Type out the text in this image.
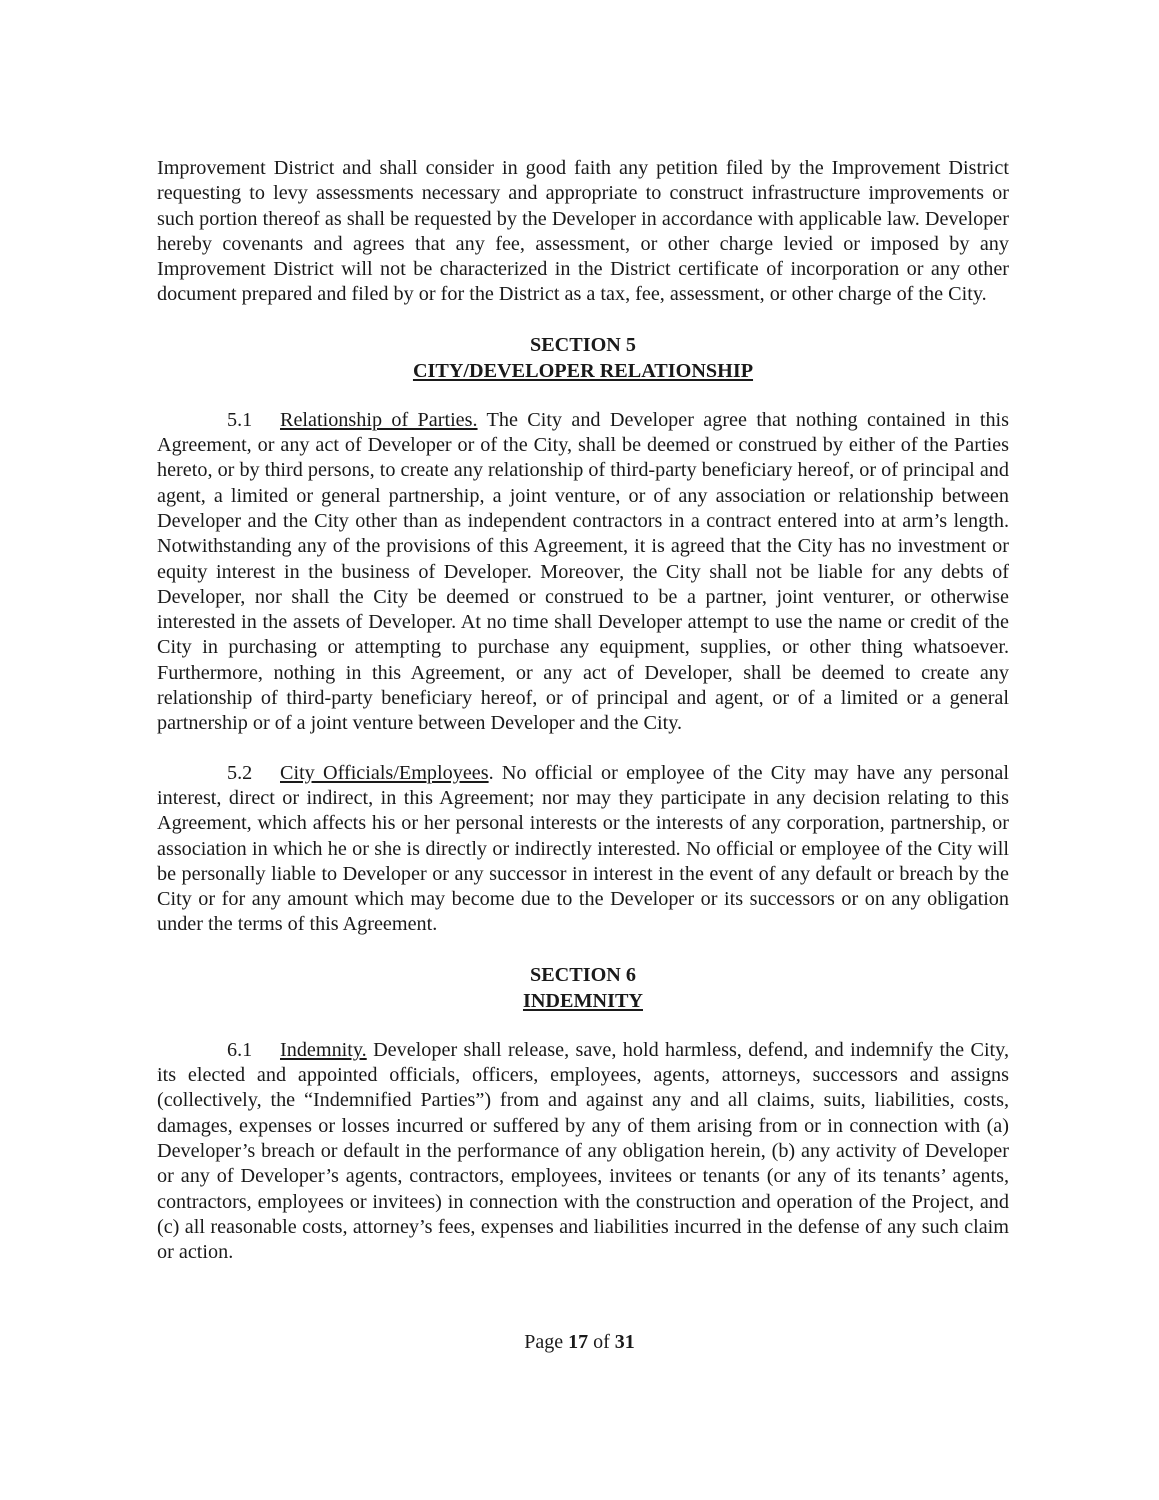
Improvement District and shall consider in good faith any petition filed by the Improvement District requesting to levy assessments necessary and appropriate to construct infrastructure improvements or such portion thereof as shall be requested by the Developer in accordance with applicable law. Developer hereby covenants and agrees that any fee, assessment, or other charge levied or imposed by any Improvement District will not be characterized in the District certificate of incorporation or any other document prepared and filed by or for the District as a tax, fee, assessment, or other charge of the City.

SECTION 5

CITY/DEVELOPER RELATIONSHIP

5.1 Relationship of Parties. The City and Developer agree that nothing contained in this Agreement, or any act of Developer or of the City, shall be deemed or construed by either of the Parties hereto, or by third persons, to create any relationship of third-party beneficiary hereof, or of principal and agent, a limited or general partnership, a joint venture, or of any association or relationship between Developer and the City other than as independent contractors in a contract entered into at arm’s length. Notwithstanding any of the provisions of this Agreement, it is agreed that the City has no investment or equity interest in the business of Developer. Moreover, the City shall not be liable for any debts of Developer, nor shall the City be deemed or construed to be a partner, joint venturer, or otherwise interested in the assets of Developer. At no time shall Developer attempt to use the name or credit of the City in purchasing or attempting to purchase any equipment, supplies, or other thing whatsoever. Furthermore, nothing in this Agreement, or any act of Developer, shall be deemed to create any relationship of third-party beneficiary hereof, or of principal and agent, or of a limited or a general partnership or of a joint venture between Developer and the City.

5.2 City Officials/Employees. No official or employee of the City may have any personal interest, direct or indirect, in this Agreement; nor may they participate in any decision relating to this Agreement, which affects his or her personal interests or the interests of any corporation, partnership, or association in which he or she is directly or indirectly interested. No official or employee of the City will be personally liable to Developer or any successor in interest in the event of any default or breach by the City or for any amount which may become due to the Developer or its successors or on any obligation under the terms of this Agreement.

SECTION 6

INDEMNITY

6.1 Indemnity. Developer shall release, save, hold harmless, defend, and indemnify the City, its elected and appointed officials, officers, employees, agents, attorneys, successors and assigns (collectively, the “Indemnified Parties”) from and against any and all claims, suits, liabilities, costs, damages, expenses or losses incurred or suffered by any of them arising from or in connection with (a) Developer’s breach or default in the performance of any obligation herein, (b) any activity of Developer or any of Developer’s agents, contractors, employees, invitees or tenants (or any of its tenants’ agents, contractors, employees or invitees) in connection with the construction and operation of the Project, and (c) all reasonable costs, attorney’s fees, expenses and liabilities incurred in the defense of any such claim or action.

Page 17 of 31
